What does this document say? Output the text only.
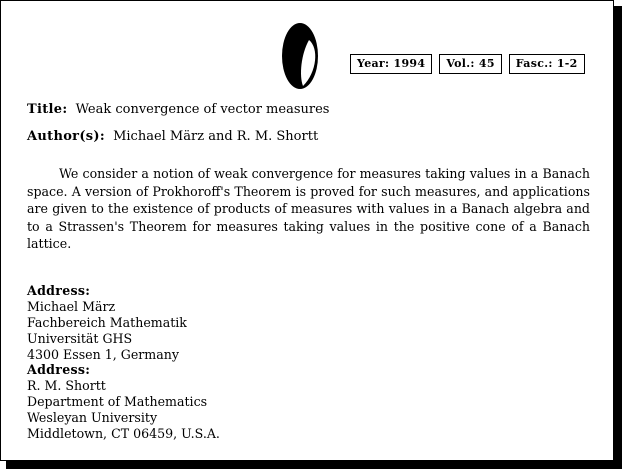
Year: 1994	Vol.: 45	Fasc.: 1-2
Title: Weak convergence of vector measures
Author(s): Michael März and R. M. Shortt

We consider a notion of weak convergence for measures taking values in a Banach space. A version of Prokhoroff's Theorem is proved for such measures, and applications are given to the existence of products of measures with values in a Banach algebra and to a Strassen's Theorem for measures taking values in the positive cone of a Banach lattice.

Address:
Michael März
Fachbereich Mathematik
Universität GHS
4300 Essen 1, Germany
Address:
R. M. Shortt
Department of Mathematics
Wesleyan University
Middletown, CT 06459, U.S.A.
